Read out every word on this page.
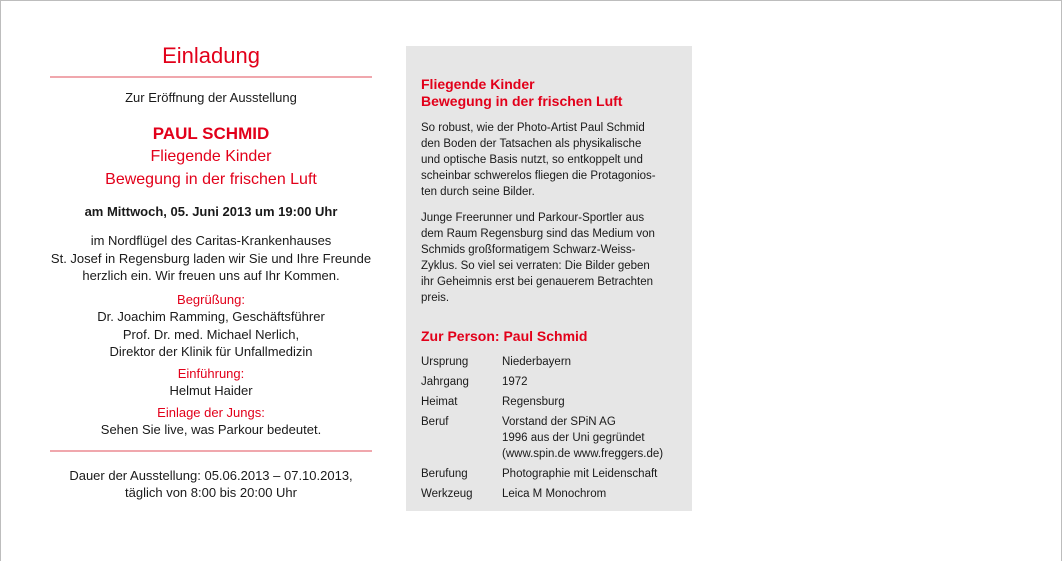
Einladung
Zur Eröffnung der Ausstellung
PAUL SCHMID
Fliegende Kinder
Bewegung in der frischen Luft
am Mittwoch, 05. Juni 2013 um 19:00 Uhr
im Nordflügel des Caritas-Krankenhauses
St. Josef in Regensburg laden wir Sie und Ihre Freunde
herzlich ein. Wir freuen uns auf Ihr Kommen.
Begrüßung:
Dr. Joachim Ramming, Geschäftsführer
Prof. Dr. med. Michael Nerlich,
Direktor der Klinik für Unfallmedizin
Einführung:
Helmut Haider
Einlage der Jungs:
Sehen Sie live, was Parkour bedeutet.
Dauer der Ausstellung: 05.06.2013 – 07.10.2013,
täglich von 8:00 bis 20:00 Uhr
Fliegende Kinder
Bewegung in der frischen Luft
So robust, wie der Photo-Artist Paul Schmid
den Boden der Tatsachen als physikalische
und optische Basis nutzt, so entkoppelt und
scheinbar schwerelos fliegen die Protagonios-
ten durch seine Bilder.
Junge Freerunner und Parkour-Sportler aus
dem Raum Regensburg sind das Medium von
Schmids großformatigem Schwarz-Weiss-
Zyklus. So viel sei verraten: Die Bilder geben
ihr Geheimnis erst bei genauerem Betrachten
preis.
Zur Person: Paul Schmid
Ursprung	Niederbayern

Jahrgang	1972

Heimat	Regensburg

Beruf	Vorstand der SPiN AG
1996 aus der Uni gegründet
(www.spin.de www.freggers.de)

Berufung	Photographie mit Leidenschaft

Werkzeug	Leica M Monochrom
